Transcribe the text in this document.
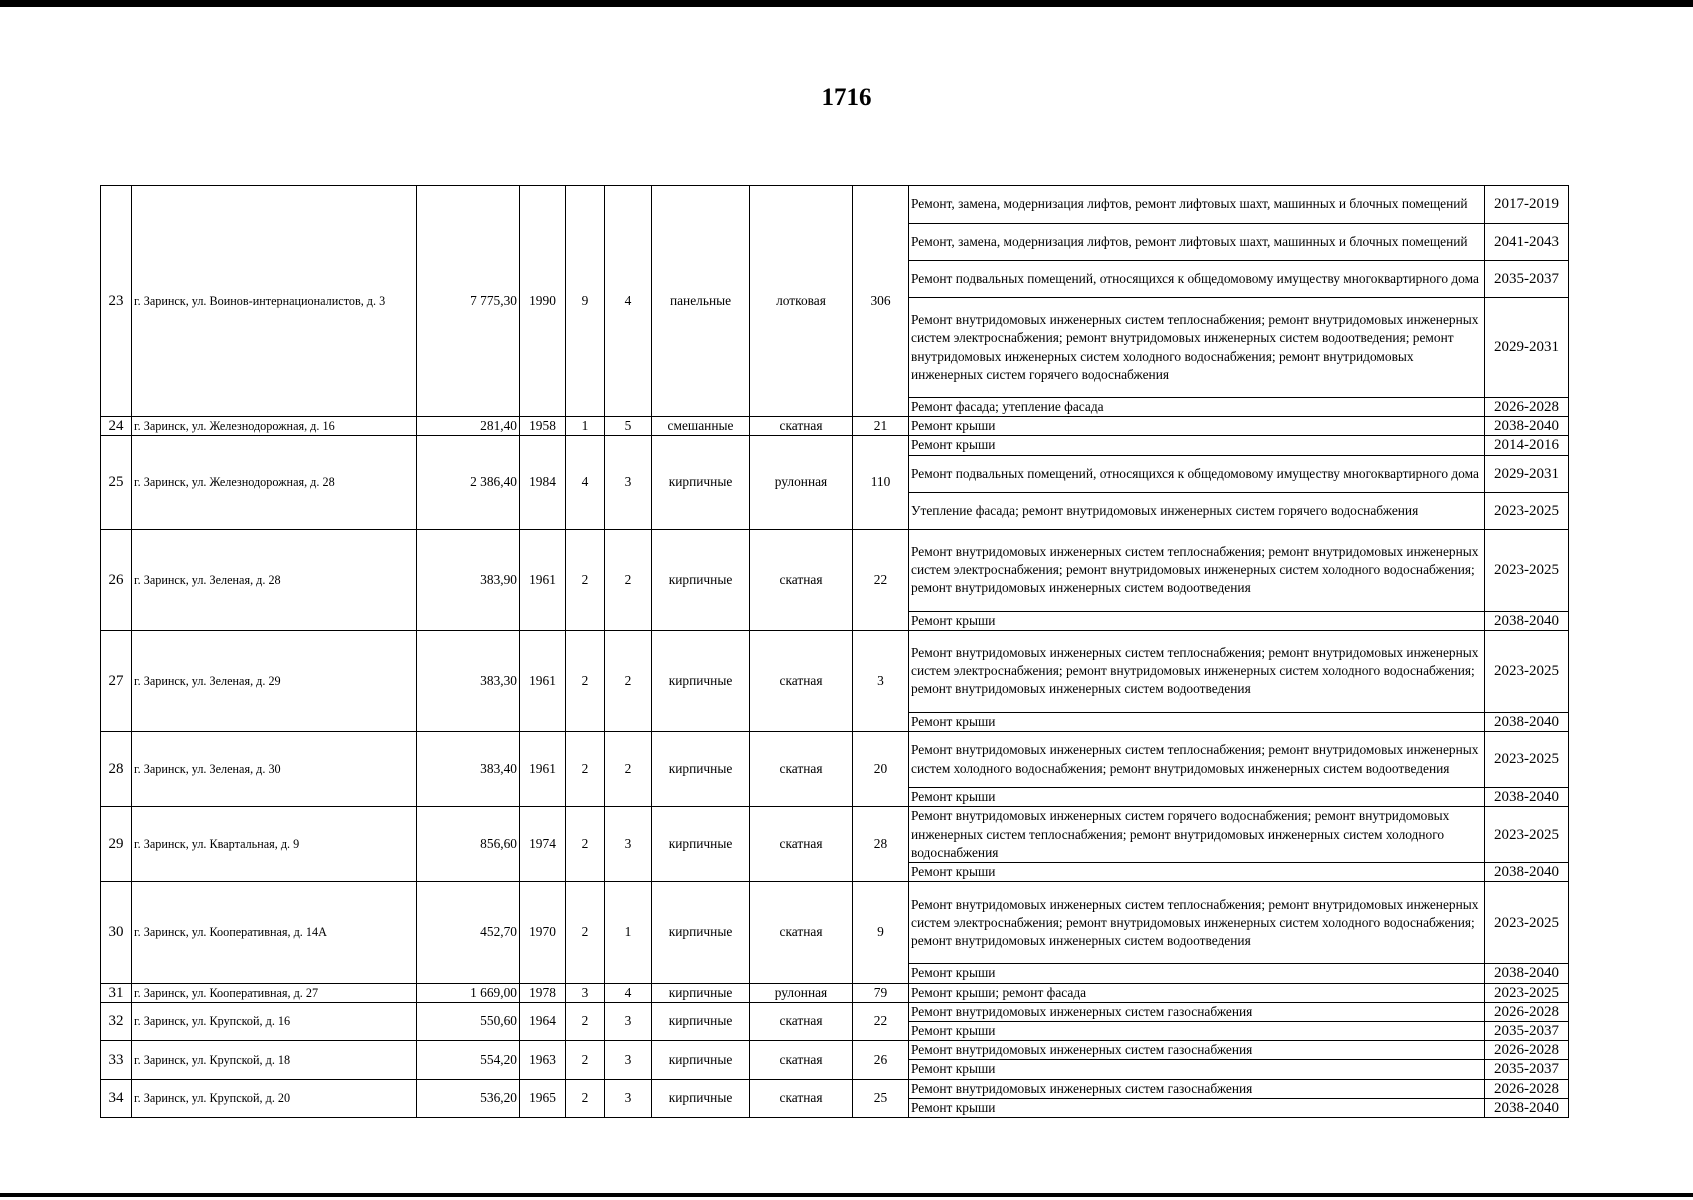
1716
23	г. Заринск, ул. Воинов-интернационалистов, д. 3	7 775,30	1990	9	4	панельные	лотковая	306	Ремонт, замена, модернизация лифтов, ремонт лифтовых шахт, машинных и блочных помещений	2017-2019
									Ремонт, замена, модернизация лифтов, ремонт лифтовых шахт, машинных и блочных помещений	2041-2043
									Ремонт подвальных помещений, относящихся к общедомовому имуществу многоквартирного дома	2035-2037
									Ремонт внутридомовых инженерных систем теплоснабжения; ремонт внутридомовых инженерных систем электроснабжения; ремонт внутридомовых инженерных систем водоотведения; ремонт внутридомовых инженерных систем холодного водоснабжения; ремонт внутридомовых инженерных систем горячего водоснабжения	2029-2031
									Ремонт фасада; утепление фасада	2026-2028
24	г. Заринск, ул. Железнодорожная, д. 16	281,40	1958	1	5	смешанные	скатная	21	Ремонт крыши	2038-2040
25	г. Заринск, ул. Железнодорожная, д. 28	2 386,40	1984	4	3	кирпичные	рулонная	110	Ремонт крыши	2014-2016
									Ремонт подвальных помещений, относящихся к общедомовому имуществу многоквартирного дома	2029-2031
									Утепление фасада; ремонт внутридомовых инженерных систем горячего водоснабжения	2023-2025
26	г. Заринск, ул. Зеленая, д. 28	383,90	1961	2	2	кирпичные	скатная	22	Ремонт внутридомовых инженерных систем теплоснабжения; ремонт внутридомовых инженерных систем электроснабжения; ремонт внутридомовых инженерных систем холодного водоснабжения; ремонт внутридомовых инженерных систем водоотведения	2023-2025
									Ремонт крыши	2038-2040
27	г. Заринск, ул. Зеленая, д. 29	383,30	1961	2	2	кирпичные	скатная	3	Ремонт внутридомовых инженерных систем теплоснабжения; ремонт внутридомовых инженерных систем электроснабжения; ремонт внутридомовых инженерных систем холодного водоснабжения; ремонт внутридомовых инженерных систем водоотведения	2023-2025
									Ремонт крыши	2038-2040
28	г. Заринск, ул. Зеленая, д. 30	383,40	1961	2	2	кирпичные	скатная	20	Ремонт внутридомовых инженерных систем теплоснабжения; ремонт внутридомовых инженерных систем холодного водоснабжения; ремонт внутридомовых инженерных систем водоотведения	2023-2025
									Ремонт крыши	2038-2040
29	г. Заринск, ул. Квартальная, д. 9	856,60	1974	2	3	кирпичные	скатная	28	Ремонт внутридомовых инженерных систем горячего водоснабжения; ремонт внутридомовых инженерных систем теплоснабжения; ремонт внутридомовых инженерных систем холодного водоснабжения	2023-2025
									Ремонт крыши	2038-2040
30	г. Заринск, ул. Кооперативная, д. 14А	452,70	1970	2	1	кирпичные	скатная	9	Ремонт внутридомовых инженерных систем теплоснабжения; ремонт внутридомовых инженерных систем электроснабжения; ремонт внутридомовых инженерных систем холодного водоснабжения; ремонт внутридомовых инженерных систем водоотведения	2023-2025
									Ремонт крыши	2038-2040
31	г. Заринск, ул. Кооперативная, д. 27	1 669,00	1978	3	4	кирпичные	рулонная	79	Ремонт крыши; ремонт фасада	2023-2025
32	г. Заринск, ул. Крупской, д. 16	550,60	1964	2	3	кирпичные	скатная	22	Ремонт внутридомовых инженерных систем газоснабжения	2026-2028
									Ремонт крыши	2035-2037
33	г. Заринск, ул. Крупской, д. 18	554,20	1963	2	3	кирпичные	скатная	26	Ремонт внутридомовых инженерных систем газоснабжения	2026-2028
									Ремонт крыши	2035-2037
34	г. Заринск, ул. Крупской, д. 20	536,20	1965	2	3	кирпичные	скатная	25	Ремонт внутридомовых инженерных систем газоснабжения	2026-2028
									Ремонт крыши	2038-2040
